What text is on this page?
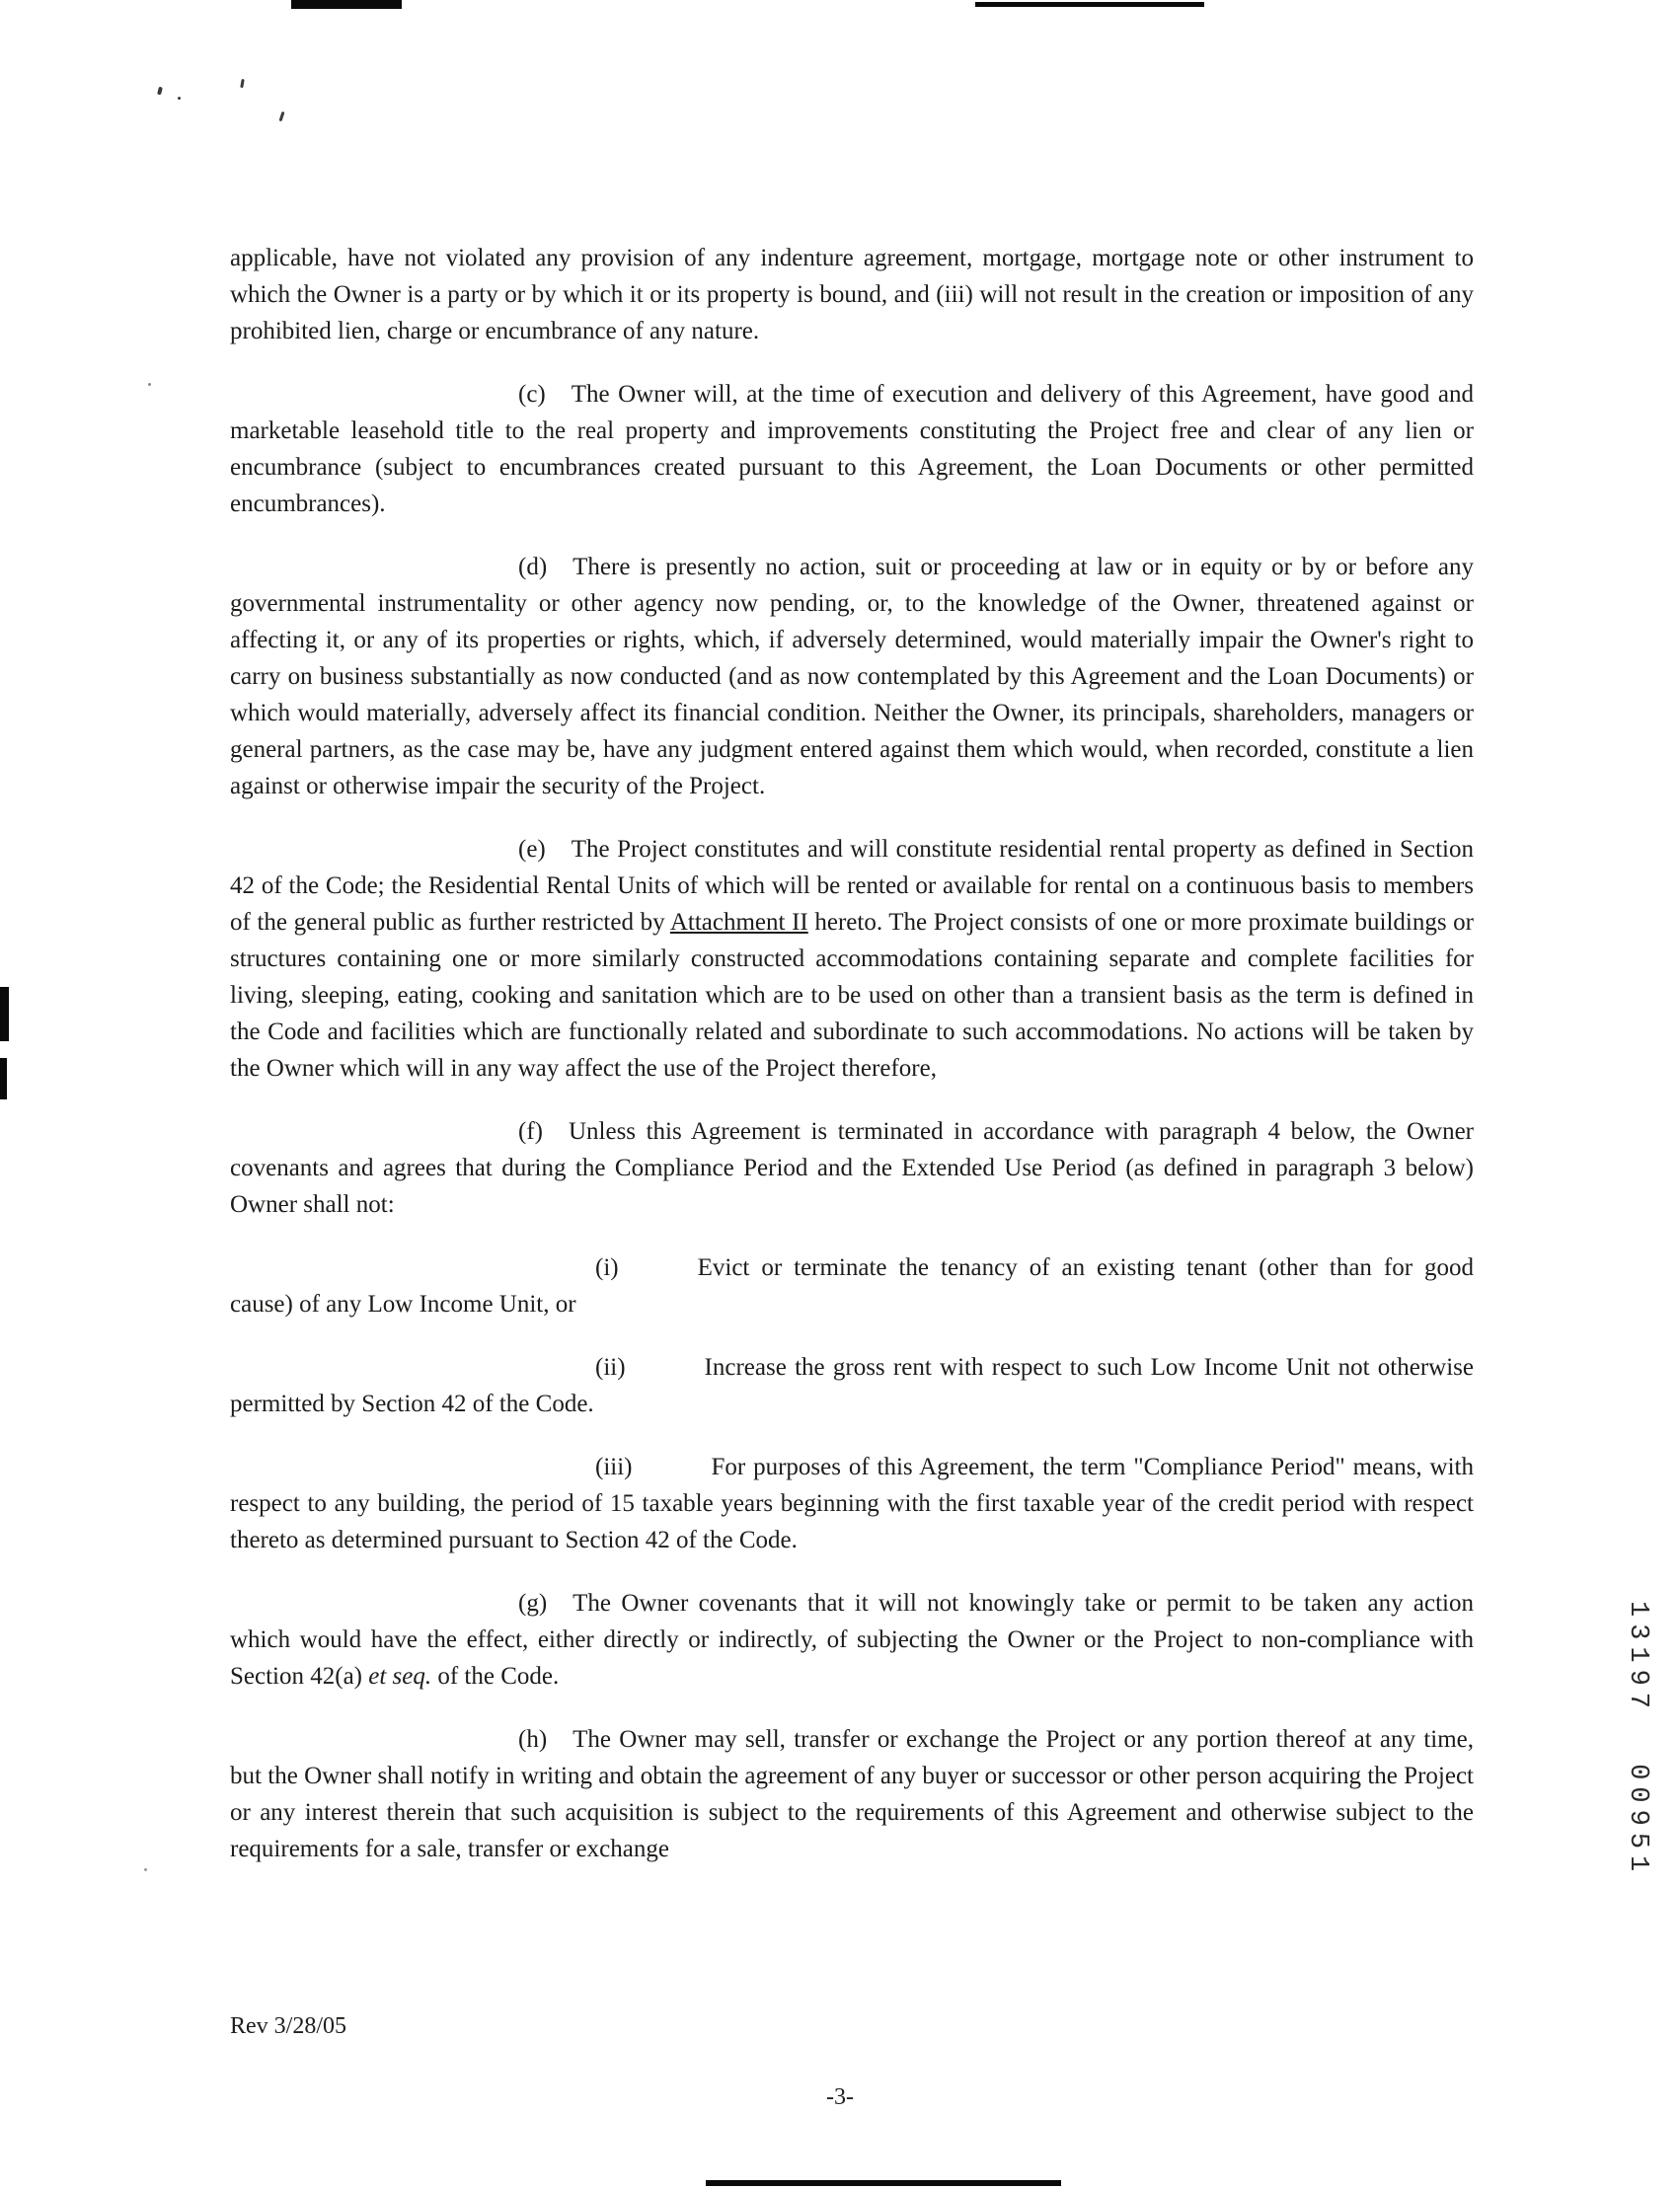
applicable, have not violated any provision of any indenture agreement, mortgage, mortgage note or other instrument to which the Owner is a party or by which it or its property is bound, and (iii) will not result in the creation or imposition of any prohibited lien, charge or encumbrance of any nature.

(c) The Owner will, at the time of execution and delivery of this Agreement, have good and marketable leasehold title to the real property and improvements constituting the Project free and clear of any lien or encumbrance (subject to encumbrances created pursuant to this Agreement, the Loan Documents or other permitted encumbrances).

(d) There is presently no action, suit or proceeding at law or in equity or by or before any governmental instrumentality or other agency now pending, or, to the knowledge of the Owner, threatened against or affecting it, or any of its properties or rights, which, if adversely determined, would materially impair the Owner's right to carry on business substantially as now conducted (and as now contemplated by this Agreement and the Loan Documents) or which would materially, adversely affect its financial condition. Neither the Owner, its principals, shareholders, managers or general partners, as the case may be, have any judgment entered against them which would, when recorded, constitute a lien against or otherwise impair the security of the Project.

(e) The Project constitutes and will constitute residential rental property as defined in Section 42 of the Code; the Residential Rental Units of which will be rented or available for rental on a continuous basis to members of the general public as further restricted by Attachment II hereto. The Project consists of one or more proximate buildings or structures containing one or more similarly constructed accommodations containing separate and complete facilities for living, sleeping, eating, cooking and sanitation which are to be used on other than a transient basis as the term is defined in the Code and facilities which are functionally related and subordinate to such accommodations. No actions will be taken by the Owner which will in any way affect the use of the Project therefore,

(f) Unless this Agreement is terminated in accordance with paragraph 4 below, the Owner covenants and agrees that during the Compliance Period and the Extended Use Period (as defined in paragraph 3 below) Owner shall not:

(i)	Evict or terminate the tenancy of an existing tenant (other than for good cause) of any Low Income Unit, or

(ii)	Increase the gross rent with respect to such Low Income Unit not otherwise permitted by Section 42 of the Code.

(iii)	For purposes of this Agreement, the term "Compliance Period" means, with respect to any building, the period of 15 taxable years beginning with the first taxable year of the credit period with respect thereto as determined pursuant to Section 42 of the Code.

(g) The Owner covenants that it will not knowingly take or permit to be taken any action which would have the effect, either directly or indirectly, of subjecting the Owner or the Project to non-compliance with Section 42(a) et seq. of the Code.

(h) The Owner may sell, transfer or exchange the Project or any portion thereof at any time, but the Owner shall notify in writing and obtain the agreement of any buyer or successor or other person acquiring the Project or any interest therein that such acquisition is subject to the requirements of this Agreement and otherwise subject to the requirements for a sale, transfer or exchange

Rev 3/28/05
-3-
13197 00951
